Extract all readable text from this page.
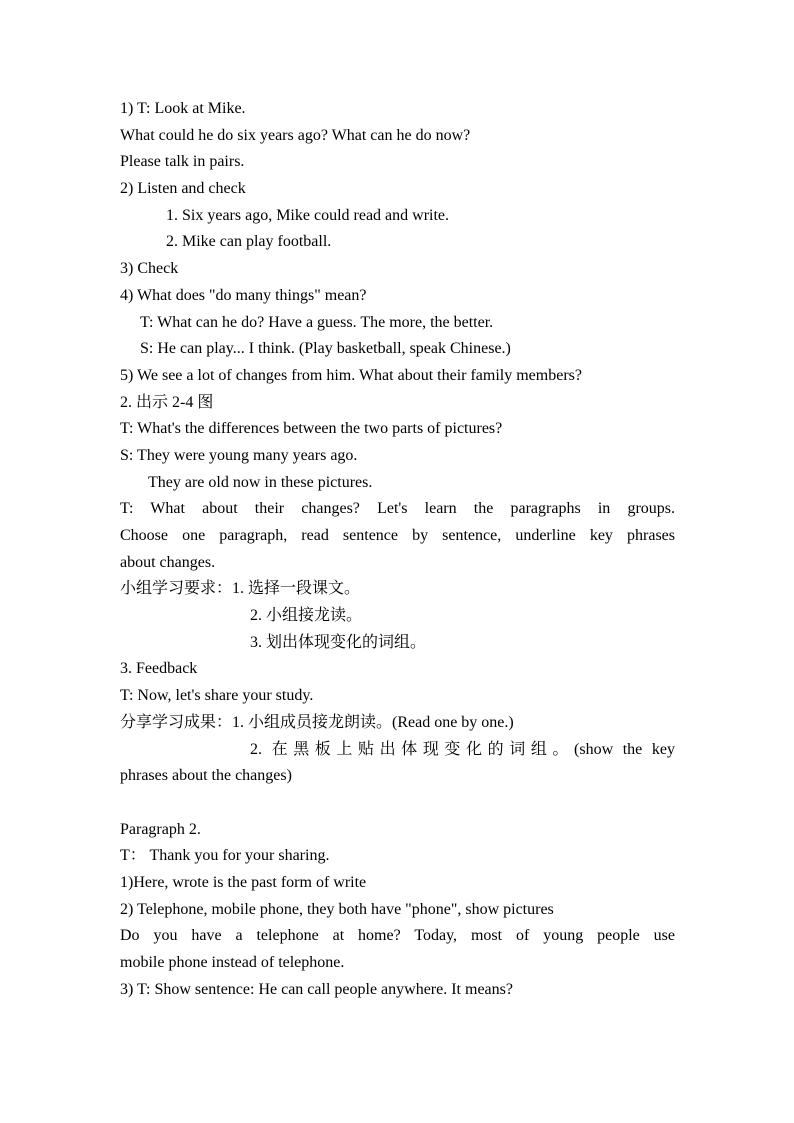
1) T: Look at Mike.
What could he do six years ago? What can he do now?
Please talk in pairs.
2) Listen and check
1. Six years ago, Mike could read and write.
2. Mike can play football.
3) Check
4) What does "do many things" mean?
T: What can he do? Have a guess. The more, the better.
S: He can play... I think. (Play basketball, speak Chinese.)
5) We see a lot of changes from him. What about their family members?
2. 出示 2-4 图
T: What's the differences between the two parts of pictures?
S: They were young many years ago.
They are old now in these pictures.
T: What about their changes? Let's learn the paragraphs in groups.
Choose one paragraph, read sentence by sentence, underline key phrases
about changes.
小组学习要求：1. 选择一段课文。
2. 小组接龙读。
3. 划出体现变化的词组。
3. Feedback
T: Now, let's share your study.
分享学习成果：1. 小组成员接龙朗读。(Read one by one.)
2. 在黑板上贴出体现变化的词组。(show the key
phrases about the changes)
Paragraph 2.
T： Thank you for your sharing.
1)Here, wrote is the past form of write
2) Telephone, mobile phone, they both have "phone", show pictures
Do you have a telephone at home? Today, most of young people use
mobile phone instead of telephone.
3) T: Show sentence: He can call people anywhere. It means?
